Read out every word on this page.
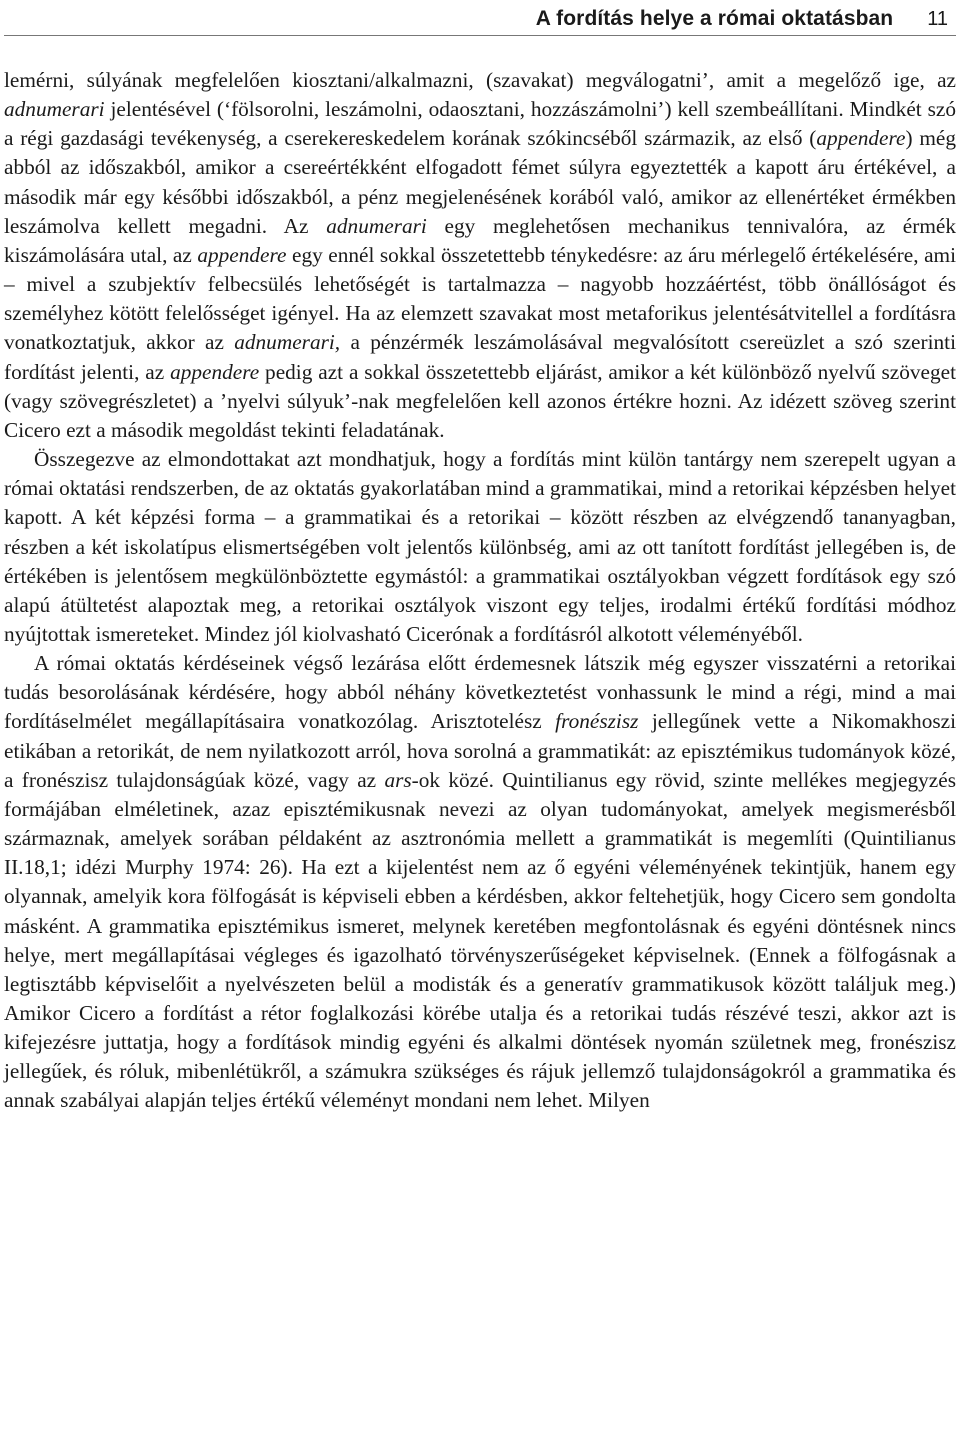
A fordítás helye a római oktatásban 11

lemérni, súlyának megfelelően kiosztani/alkalmazni, (szavakat) megválogatni’, amit a megelőző ige, az adnumerari jelentésével (‘fölsorolni, leszámolni, odaosztani, hozzászámolni’) kell szembeállítani. Mindkét szó a régi gazdasági tevékenység, a cserekereskedelem korának szókincséből származik, az első (appendere) még abból az időszakból, amikor a csereértékként elfogadott fémet súlyra egyeztették a kapott áru értékével, a második már egy későbbi időszakból, a pénz megjelenésének korából való, amikor az ellenértéket érmékben leszámolva kellett megadni. Az adnumerari egy meglehetősen mechanikus tennivalóra, az érmék kiszámolására utal, az appendere egy ennél sokkal összetettebb ténykedésre: az áru mérlegelő értékelésére, ami – mivel a szubjektív felbecsülés lehetőségét is tartalmazza – nagyobb hozzáértést, több önállóságot és személyhez kötött felelősséget igényel. Ha az elemzett szavakat most metaforikus jelentésátvitellel a fordításra vonatkoztatjuk, akkor az adnumerari, a pénzérmék leszámolásával megvalósított csereüzlet a szó szerinti fordítást jelenti, az appendere pedig azt a sokkal összetettebb eljárást, amikor a két különböző nyelvű szöveget (vagy szövegrészletet) a ’nyelvi súlyuk’-nak megfelelően kell azonos értékre hozni. Az idézett szöveg szerint Cicero ezt a második megoldást tekinti feladatának.

Összegezve az elmondottakat azt mondhatjuk, hogy a fordítás mint külön tantárgy nem szerepelt ugyan a római oktatási rendszerben, de az oktatás gyakorlatában mind a grammatikai, mind a retorikai képzésben helyet kapott. A két képzési forma – a grammatikai és a retorikai – között részben az elvégzendő tananyagban, részben a két iskolatípus elismertségében volt jelentős különbség, ami az ott tanított fordítást jellegében is, de értékében is jelentősem megkülönböztette egymástól: a grammatikai osztályokban végzett fordítások egy szó alapú átültetést alapoztak meg, a retorikai osztályok viszont egy teljes, irodalmi értékű fordítási módhoz nyújtottak ismereteket. Mindez jól kiolvasható Cicerónak a fordításról alkotott véleményéből.

A római oktatás kérdéseinek végső lezárása előtt érdemesnek látszik még egyszer visszatérni a retorikai tudás besorolásának kérdésére, hogy abból néhány következtetést vonhassunk le mind a régi, mind a mai fordításelmélet megállapításaira vonatkozólag. Arisztotelész fronészisz jellegűnek vette a Nikomakhoszi etikában a retorikát, de nem nyilatkozott arról, hova sorolná a grammatikát: az episztémikus tudományok közé, a fronészisz tulajdonságúak közé, vagy az ars-ok közé. Quintilianus egy rövid, szinte mellékes megjegyzés formájában elméletinek, azaz episztémikusnak nevezi az olyan tudományokat, amelyek megismerésből származnak, amelyek sorában példaként az asztronómia mellett a grammatikát is megemlíti (Quintilianus II.18,1; idézi Murphy 1974: 26). Ha ezt a kijelentést nem az ő egyéni véleményének tekintjük, hanem egy olyannak, amelyik kora fölfogását is képviseli ebben a kérdésben, akkor feltehetjük, hogy Cicero sem gondolta másként. A grammatika episztémikus ismeret, melynek keretében megfontolásnak és egyéni döntésnek nincs helye, mert megállapításai végleges és igazolható törvényszerűségeket képviselnek. (Ennek a fölfogásnak a legtisztább képviselőit a nyelvészeten belül a modisták és a generatív grammatikusok között találjuk meg.) Amikor Cicero a fordítást a rétor foglalkozási körébe utalja és a retorikai tudás részévé teszi, akkor azt is kifejezésre juttatja, hogy a fordítások mindig egyéni és alkalmi döntések nyomán születnek meg, fronészisz jellegűek, és róluk, mibenlétükről, a számukra szükséges és rájuk jellemző tulajdonságokról a grammatika és annak szabályai alapján teljes értékű véleményt mondani nem lehet. Milyen
